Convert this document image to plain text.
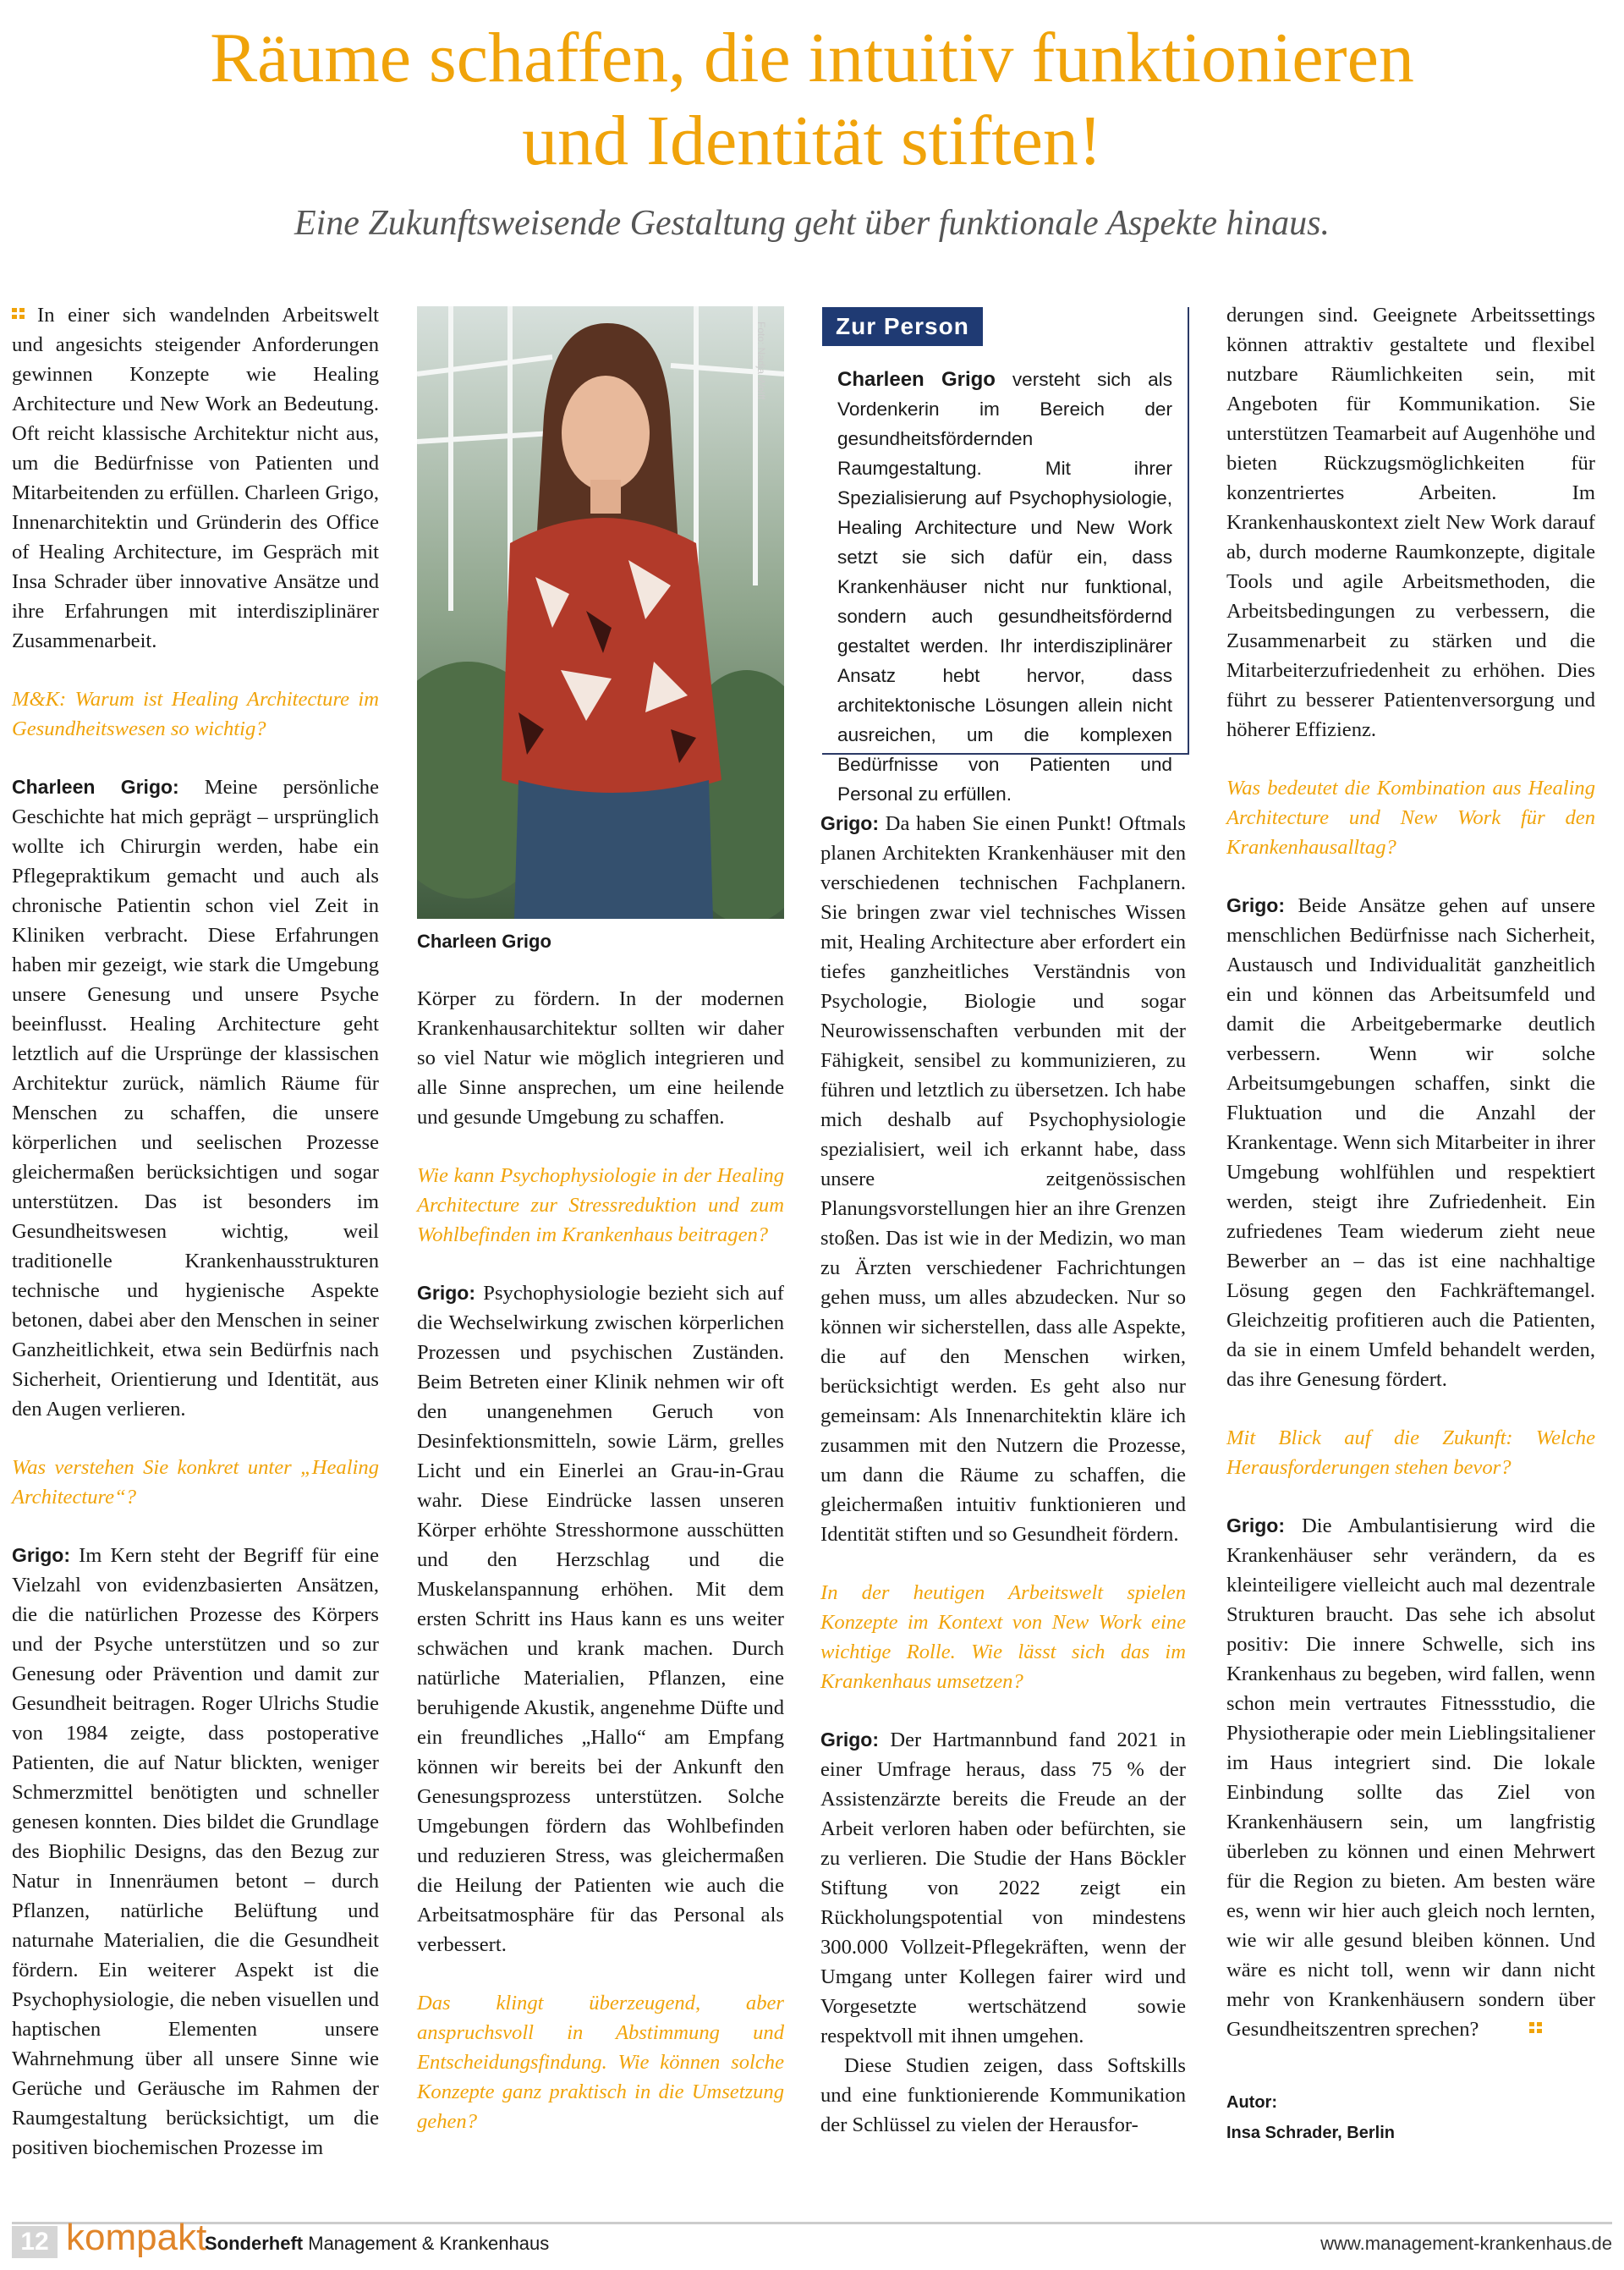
Räume schaffen, die intuitiv funktionieren
und Identität stiften!
Eine Zukunftsweisende Gestaltung geht über funktionale Aspekte hinaus.

In einer sich wandelnden Arbeitswelt und angesichts steigender Anforderungen gewinnen Konzepte wie Healing Architecture und New Work an Bedeutung. Oft reicht klassische Architektur nicht aus, um die Bedürfnisse von Patienten und Mitarbeitenden zu erfüllen. Charleen Grigo, Innenarchitektin und Gründerin des Office of Healing Architecture, im Gespräch mit Insa Schrader über innovative Ansätze und ihre Erfahrungen mit interdisziplinärer Zusammenarbeit.

M&K: Warum ist Healing Architecture im Gesundheitswesen so wichtig?

Charleen Grigo: Meine persönliche Geschichte hat mich geprägt – ursprünglich wollte ich Chirurgin werden, habe ein Pflegepraktikum gemacht und auch als chronische Patientin schon viel Zeit in Kliniken verbracht. Diese Erfahrungen haben mir gezeigt, wie stark die Umgebung unsere Genesung und unsere Psyche beeinflusst. Healing Architecture geht letztlich auf die Ursprünge der klassischen Architektur zurück, nämlich Räume für Menschen zu schaffen, die unsere körperlichen und seelischen Prozesse gleichermaßen berücksichtigen und sogar unterstützen. Das ist besonders im Gesundheitswesen wichtig, weil traditionelle Krankenhausstrukturen technische und hygienische Aspekte betonen, dabei aber den Menschen in seiner Ganzheitlichkeit, etwa sein Bedürfnis nach Sicherheit, Orientierung und Identität, aus den Augen verlieren.

Was verstehen Sie konkret unter „Healing Architecture“?

Grigo: Im Kern steht der Begriff für eine Vielzahl von evidenzbasierten Ansätzen, die die natürlichen Prozesse des Körpers und der Psyche unterstützen und so zur Genesung oder Prävention und damit zur Gesundheit beitragen. Roger Ulrichs Studie von 1984 zeigte, dass postoperative Patienten, die auf Natur blickten, weniger Schmerzmittel benötigten und schneller genesen konnten. Dies bildet die Grundlage des Biophilic Designs, das den Bezug zur Natur in Innenräumen betont – durch Pflanzen, natürliche Belüftung und naturnahe Materialien, die die Gesundheit fördern. Ein weiterer Aspekt ist die Psychophysiologie, die neben visuellen und haptischen Elementen unsere Wahrnehmung über all unsere Sinne wie Gerüche und Geräusche im Rahmen der Raumgestaltung berücksichtigt, um die positiven biochemischen Prozesse im

Foto: Nadja Wolff
Charleen Grigo

Körper zu fördern. In der modernen Krankenhausarchitektur sollten wir daher so viel Natur wie möglich integrieren und alle Sinne ansprechen, um eine heilende und gesunde Umgebung zu schaffen.

Wie kann Psychophysiologie in der Healing Architecture zur Stressreduktion und zum Wohlbefinden im Krankenhaus beitragen?

Grigo: Psychophysiologie bezieht sich auf die Wechselwirkung zwischen körperlichen Prozessen und psychischen Zuständen. Beim Betreten einer Klinik nehmen wir oft den unangenehmen Geruch von Desinfektionsmitteln, sowie Lärm, grelles Licht und ein Einerlei an Grau-in-Grau wahr. Diese Eindrücke lassen unseren Körper erhöhte Stresshormone ausschütten und den Herzschlag und die Muskelanspannung erhöhen. Mit dem ersten Schritt ins Haus kann es uns weiter schwächen und krank machen. Durch natürliche Materialien, Pflanzen, eine beruhigende Akustik, angenehme Düfte und ein freundliches „Hallo“ am Empfang können wir bereits bei der Ankunft den Genesungsprozess unterstützen. Solche Umgebungen fördern das Wohlbefinden und reduzieren Stress, was gleichermaßen die Heilung der Patienten wie auch die Arbeitsatmosphäre für das Personal als verbessert.

Das klingt überzeugend, aber anspruchsvoll in Abstimmung und Entscheidungsfindung. Wie können solche Konzepte ganz praktisch in die Umsetzung gehen?

Zur Person
Charleen Grigo versteht sich als Vordenkerin im Bereich der gesundheitsfördernden Raumgestaltung. Mit ihrer Spezialisierung auf Psychophysiologie, Healing Architecture und New Work setzt sie sich dafür ein, dass Krankenhäuser nicht nur funktional, sondern auch gesundheitsfördernd gestaltet werden. Ihr interdisziplinärer Ansatz hebt hervor, dass architektonische Lösungen allein nicht ausreichen, um die komplexen Bedürfnisse von Patienten und Personal zu erfüllen.

Grigo: Da haben Sie einen Punkt! Oftmals planen Architekten Krankenhäuser mit den verschiedenen technischen Fachplanern. Sie bringen zwar viel technisches Wissen mit, Healing Architecture aber erfordert ein tiefes ganzheitliches Verständnis von Psychologie, Biologie und sogar Neurowissenschaften verbunden mit der Fähigkeit, sensibel zu kommunizieren, zu führen und letztlich zu übersetzen. Ich habe mich deshalb auf Psychophysiologie spezialisiert, weil ich erkannt habe, dass unsere zeitgenössischen Planungsvorstellungen hier an ihre Grenzen stoßen. Das ist wie in der Medizin, wo man zu Ärzten verschiedener Fachrichtungen gehen muss, um alles abzudecken. Nur so können wir sicherstellen, dass alle Aspekte, die auf den Menschen wirken, berücksichtigt werden. Es geht also nur gemeinsam: Als Innenarchitektin kläre ich zusammen mit den Nutzern die Prozesse, um dann die Räume zu schaffen, die gleichermaßen intuitiv funktionieren und Identität stiften und so Gesundheit fördern.

In der heutigen Arbeitswelt spielen Konzepte im Kontext von New Work eine wichtige Rolle. Wie lässt sich das im Krankenhaus umsetzen?

Grigo: Der Hartmannbund fand 2021 in einer Umfrage heraus, dass 75 % der Assistenzärzte bereits die Freude an der Arbeit verloren haben oder befürchten, sie zu verlieren. Die Studie der Hans Böckler Stiftung von 2022 zeigt ein Rückholungspotential von mindestens 300.000 Vollzeit-Pflegekräften, wenn der Umgang unter Kollegen fairer wird und Vorgesetzte wertschätzend sowie respektvoll mit ihnen umgehen.

Diese Studien zeigen, dass Softskills und eine funktionierende Kommunikation der Schlüssel zu vielen der Herausfor-

derungen sind. Geeignete Arbeitssettings können attraktiv gestaltete und flexibel nutzbare Räumlichkeiten sein, mit Angeboten für Kommunikation. Sie unterstützen Teamarbeit auf Augenhöhe und bieten Rückzugsmöglichkeiten für konzentriertes Arbeiten. Im Krankenhauskontext zielt New Work darauf ab, durch moderne Raumkonzepte, digitale Tools und agile Arbeitsmethoden, die Arbeitsbedingungen zu verbessern, die Zusammenarbeit zu stärken und die Mitarbeiterzufriedenheit zu erhöhen. Dies führt zu besserer Patientenversorgung und höherer Effizienz.

Was bedeutet die Kombination aus Healing Architecture und New Work für den Krankenhausalltag?

Grigo: Beide Ansätze gehen auf unsere menschlichen Bedürfnisse nach Sicherheit, Austausch und Individualität ganzheitlich ein und können das Arbeitsumfeld und damit die Arbeitgebermarke deutlich verbessern. Wenn wir solche Arbeitsumgebungen schaffen, sinkt die Fluktuation und die Anzahl der Krankentage. Wenn sich Mitarbeiter in ihrer Umgebung wohlfühlen und respektiert werden, steigt ihre Zufriedenheit. Ein zufriedenes Team wiederum zieht neue Bewerber an – das ist eine nachhaltige Lösung gegen den Fachkräftemangel. Gleichzeitig profitieren auch die Patienten, da sie in einem Umfeld behandelt werden, das ihre Genesung fördert.

Mit Blick auf die Zukunft: Welche Herausforderungen stehen bevor?

Grigo: Die Ambulantisierung wird die Krankenhäuser sehr verändern, da es kleinteiligere vielleicht auch mal dezentrale Strukturen braucht. Das sehe ich absolut positiv: Die innere Schwelle, sich ins Krankenhaus zu begeben, wird fallen, wenn schon mein vertrautes Fitnessstudio, die Physiotherapie oder mein Lieblingsitaliener im Haus integriert sind. Die lokale Einbindung sollte das Ziel von Krankenhäusern sein, um langfristig überleben zu können und einen Mehrwert für die Region zu bieten. Am besten wäre es, wenn wir hier auch gleich noch lernten, wie wir alle gesund bleiben können. Und wäre es nicht toll, wenn wir dann nicht mehr von Krankenhäusern sondern über Gesundheitszentren sprechen?

Autor:
Insa Schrader, Berlin
12 kompakt
Sonderheft Management & Krankenhaus	www.management-krankenhaus.de
